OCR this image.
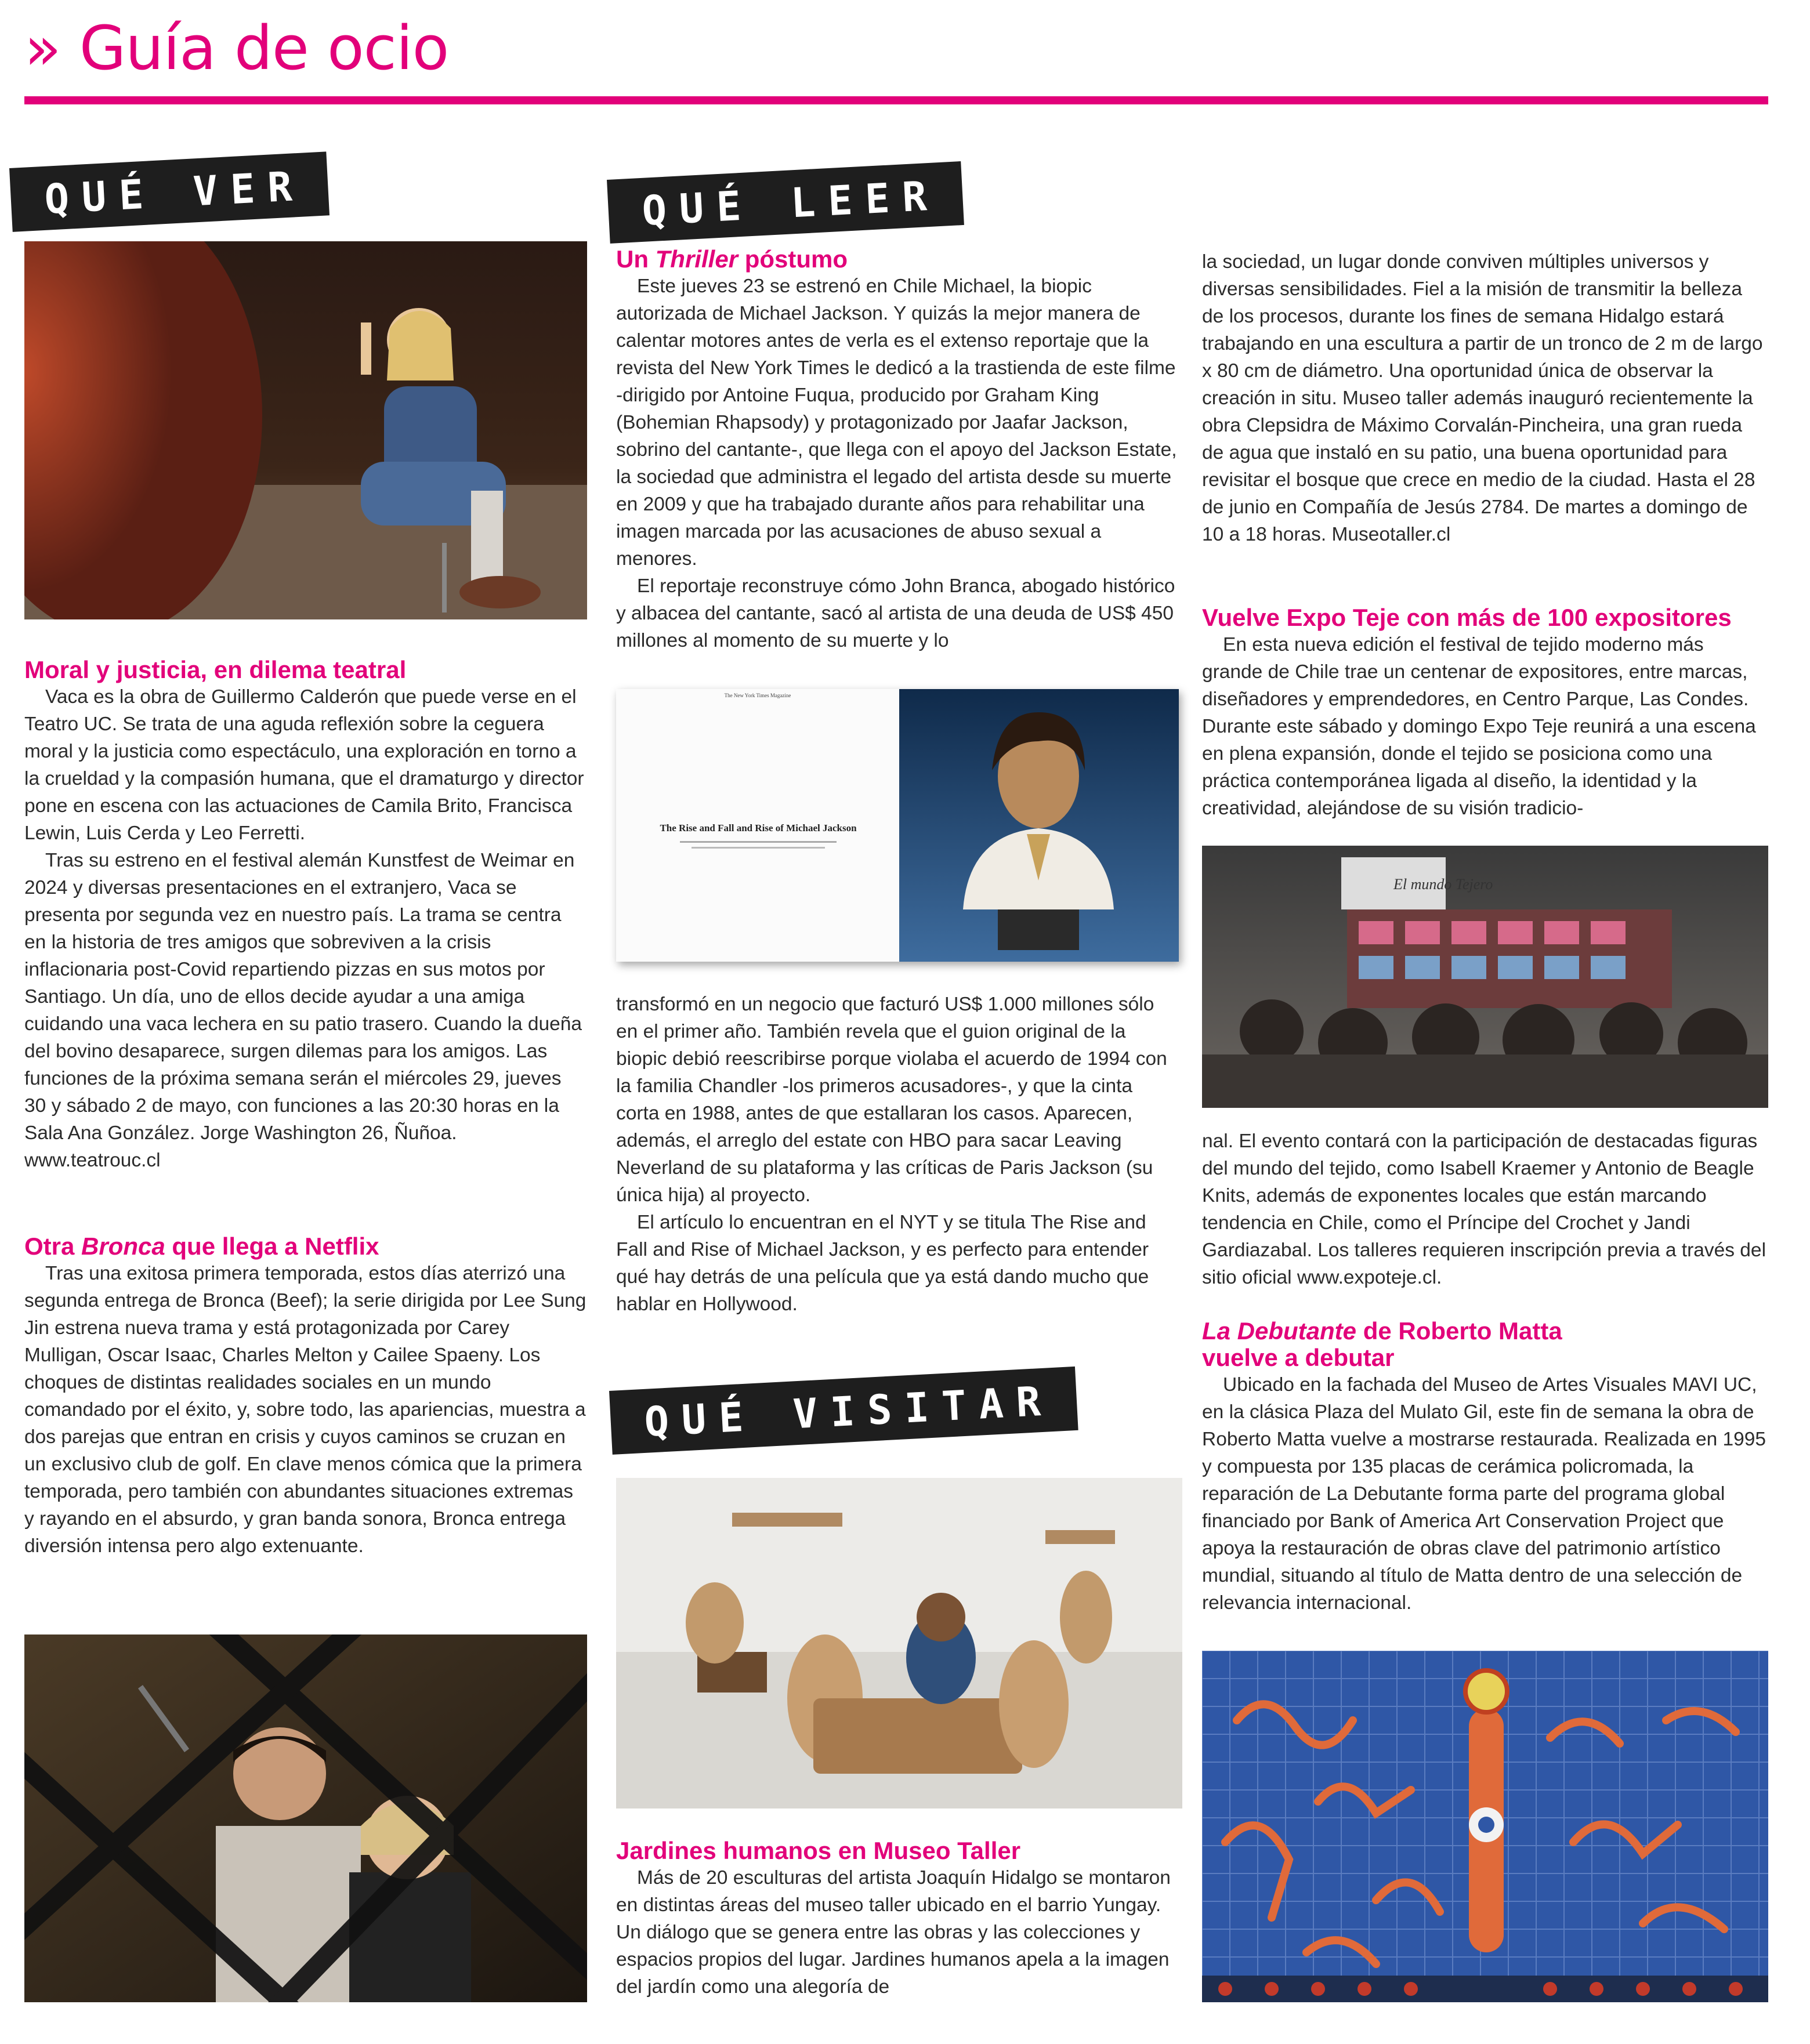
» Guía de ocio
QUÉ VER
Moral y justicia, en dilema teatral

Vaca es la obra de Guillermo Calderón que puede verse en el Teatro UC. Se trata de una aguda reflexión sobre la ceguera moral y la justicia como espectáculo, una exploración en torno a la crueldad y la compasión humana, que el dramaturgo y director pone en escena con las actuaciones de Camila Brito, Francisca Lewin, Luis Cerda y Leo Ferretti.

Tras su estreno en el festival alemán Kunstfest de Weimar en 2024 y diversas presentaciones en el extranjero, Vaca se presenta por segunda vez en nuestro país. La trama se centra en la historia de tres amigos que sobreviven a la crisis inflacionaria post-Covid repartiendo pizzas en sus motos por Santiago. Un día, uno de ellos decide ayudar a una amiga cuidando una vaca lechera en su patio trasero. Cuando la dueña del bovino desaparece, surgen dilemas para los amigos. Las funciones de la próxima semana serán el miércoles 29, jueves 30 y sábado 2 de mayo, con funciones a las 20:30 horas en la Sala Ana González. Jorge Washington 26, Ñuñoa. www.teatrouc.cl

Otra Bronca que llega a Netflix

Tras una exitosa primera temporada, estos días aterrizó una segunda entrega de Bronca (Beef); la serie dirigida por Lee Sung Jin estrena nueva trama y está protagonizada por Carey Mulligan, Oscar Isaac, Charles Melton y Cailee Spaeny. Los choques de distintas realidades sociales en un mundo comandado por el éxito, y, sobre todo, las apariencias, muestra a dos parejas que entran en crisis y cuyos caminos se cruzan en un exclusivo club de golf. En clave menos cómica que la primera temporada, pero también con abundantes situaciones extremas y rayando en el absurdo, y gran banda sonora, Bronca entrega diversión intensa pero algo extenuante.

QUÉ LEER
Un Thriller póstumo

Este jueves 23 se estrenó en Chile Michael, la biopic autorizada de Michael Jackson. Y quizás la mejor manera de calentar motores antes de verla es el extenso reportaje que la revista del New York Times le dedicó a la trastienda de este filme -dirigido por Antoine Fuqua, producido por Graham King (Bohemian Rhapsody) y protagonizado por Jaafar Jackson, sobrino del cantante-, que llega con el apoyo del Jackson Estate, la sociedad que administra el legado del artista desde su muerte en 2009 y que ha trabajado durante años para rehabilitar una imagen marcada por las acusaciones de abuso sexual a menores.

El reportaje reconstruye cómo John Branca, abogado histórico y albacea del cantante, sacó al artista de una deuda de US$ 450 millones al momento de su muerte y lo

The New York Times Magazine
The Rise and Fall and Rise of Michael Jackson

transformó en un negocio que facturó US$ 1.000 millones sólo en el primer año. También revela que el guion original de la biopic debió reescribirse porque violaba el acuerdo de 1994 con la familia Chandler -los primeros acusadores-, y que la cinta corta en 1988, antes de que estallaran los casos. Aparecen, además, el arreglo del estate con HBO para sacar Leaving Neverland de su plataforma y las críticas de Paris Jackson (su única hija) al proyecto.

El artículo lo encuentran en el NYT y se titula The Rise and Fall and Rise of Michael Jackson, y es perfecto para entender qué hay detrás de una película que ya está dando mucho que hablar en Hollywood.

QUÉ VISITAR
Jardines humanos en Museo Taller

Más de 20 esculturas del artista Joaquín Hidalgo se montaron en distintas áreas del museo taller ubicado en el barrio Yungay. Un diálogo que se genera entre las obras y las colecciones y espacios propios del lugar. Jardines humanos apela a la imagen del jardín como una alegoría de

la sociedad, un lugar donde conviven múltiples universos y diversas sensibilidades. Fiel a la misión de transmitir la belleza de los procesos, durante los fines de semana Hidalgo estará trabajando en una escultura a partir de un tronco de 2 m de largo x 80 cm de diámetro. Una oportunidad única de observar la creación in situ. Museo taller además inauguró recientemente la obra Clepsidra de Máximo Corvalán-Pincheira, una gran rueda de agua que instaló en su patio, una buena oportunidad para revisitar el bosque que crece en medio de la ciudad. Hasta el 28 de junio en Compañía de Jesús 2784. De martes a domingo de 10 a 18 horas. Museotaller.cl

Vuelve Expo Teje con más de 100 expositores

En esta nueva edición el festival de tejido moderno más grande de Chile trae un centenar de expositores, entre marcas, diseñadores y emprendedores, en Centro Parque, Las Condes. Durante este sábado y domingo Expo Teje reunirá a una escena en plena expansión, donde el tejido se posiciona como una práctica contemporánea ligada al diseño, la identidad y la creatividad, alejándose de su visión tradicio-

El mundo Tejero

nal. El evento contará con la participación de destacadas figuras del mundo del tejido, como Isabell Kraemer y Antonio de Beagle Knits, además de exponentes locales que están marcando tendencia en Chile, como el Príncipe del Crochet y Jandi Gardiazabal. Los talleres requieren inscripción previa a través del sitio oficial www.expoteje.cl.

La Debutante de Roberto Matta
vuelve a debutar

Ubicado en la fachada del Museo de Artes Visuales MAVI UC, en la clásica Plaza del Mulato Gil, este fin de semana la obra de Roberto Matta vuelve a mostrarse restaurada. Realizada en 1995 y compuesta por 135 placas de cerámica policromada, la reparación de La Debutante forma parte del programa global financiado por Bank of America Art Conservation Project que apoya la restauración de obras clave del patrimonio artístico mundial, situando al título de Matta dentro de una selección de relevancia internacional.
